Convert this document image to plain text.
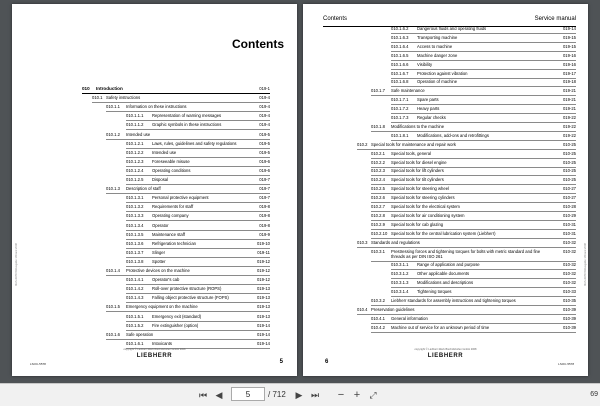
Contents
010 Introduction	019-1
010.1 Safety instructions	019-4
010.1.1 Information on these instructions	019-4
010.1.1.1 Representation of warning messages	019-4
010.1.1.2 Graphic symbols in these instructions	019-4
010.1.2 Intended use	019-5
010.1.2.1 Laws, rules, guidelines and safety regulations	019-5
010.1.2.2 Intended use	019-5
010.1.2.3 Foreseeable misuse	019-6
010.1.2.4 Operating conditions	019-6
010.1.2.5 Disposal	019-7
010.1.3 Description of staff	019-7
010.1.3.1 Personal protective equipment	019-7
010.1.3.2 Requirements for staff	019-8
010.1.3.3 Operating company	019-8
010.1.3.4 Operator	019-8
010.1.3.5 Maintenance staff	019-9
010.1.3.6 Refrigeration technician	019-10
010.1.3.7 Slinger	019-11
010.1.3.8 Spotter	019-12
010.1.4 Protective devices on the machine	019-12
010.1.4.1 Operator's cab	019-12
010.1.4.2 Roll-over protective structure (ROPS)	019-13
010.1.4.3 Falling object protective structure (FOPS)	019-13
010.1.5 Emergency equipment on the machine	019-13
010.1.5.1 Emergency exit (standard)	019-13
010.1.5.2 Fire extinguisher (option)	019-14
010.1.6 Safe operation	019-14
010.1.6.1 Intoxicants	019-14
MAN-ID/5578/Ausgabe 1/Stand 2008
copyright © Liebherr-Werk Bischofshofen GmbH 2008
LIEBHERR
LSOC-5578	5
Contents	Service manual
010.1.6.2 Dangerous fluids and operating fluids	019-14
010.1.6.3 Transporting machine	019-15
010.1.6.4 Access to machine	019-15
010.1.6.5 Machine danger zone	019-16
010.1.6.6 Visibility	019-16
010.1.6.7 Protection against vibration	019-17
010.1.6.8 Operation of machine	019-18
010.1.7 Safe maintenance	019-21
010.1.7.1 Spare parts	019-21
010.1.7.2 Heavy parts	019-21
010.1.7.3 Regular checks	019-22
010.1.8 Modifications to the machine	019-22
010.1.8.1 Modifications, add-ons and retrofittings	019-22
010.2 Special tools for maintenance and repair work	010-25
010.2.1 Special tools, general	010-25
010.2.2 Special tools for diesel engine	010-25
010.2.3 Special tools for lift cylinders	010-25
010.2.4 Special tools for tilt cylinders	010-25
010.2.5 Special tools for steering wheel	010-27
010.2.6 Special tools for steering cylinders	010-27
010.2.7 Special tools for the electrical system	010-28
010.2.8 Special tools for air conditioning system	010-29
010.2.9 Special tools for cab glazing	010-31
010.2.10 Special tools for the central lubrication system (Liebherr)	010-31
010.3 Standards and regulations	010-32
010.3.1 Prestressing forces and tightening torques for bolts with metric standard and fine threads as per DIN ISO 261
010-32
010.3.1.1 Range of application and purpose	010-32
010.3.1.2 Other applicable documents	010-32
010.3.1.3 Modifications and descriptions	010-32
010.3.1.4 Tightening torques	010-33
010.3.2 Liebherr standards for assembly instructions and tightening torques	010-35
010.4 Preservation guidelines	010-39
010.4.1 General information	010-39
010.4.2 Machine out of service for an unknown period of time	010-39
MAN-ID/5578/Ausgabe 1/Stand 2008
copyright © Liebherr-Werk Bischofshofen GmbH 2008
LIEBHERR
6	LSOC-5578
⏮ ◀	5	/ 712	▶ ⏭	− +	⤢	69
